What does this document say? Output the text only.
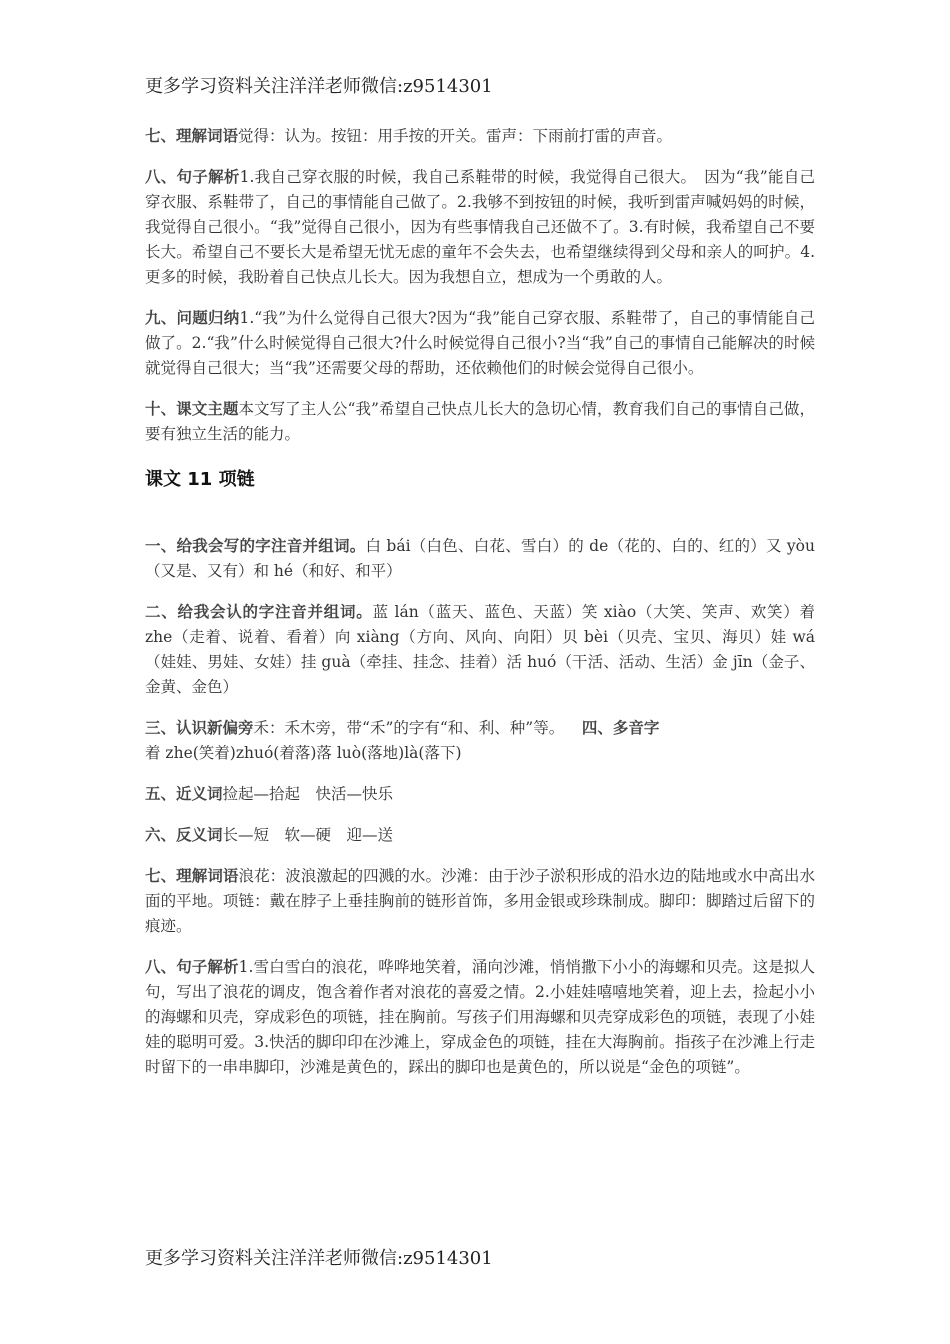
更多学习资料关注洋洋老师微信:z9514301

七、理解词语觉得：认为。按钮：用手按的开关。雷声：下雨前打雷的声音。

八、句子解析1.我自己穿衣服的时候，我自己系鞋带的时候，我觉得自己很大。　因为“我”能自己穿衣服、系鞋带了，自己的事情能自己做了。2.我够不到按钮的时候，我听到雷声喊妈妈的时候，我觉得自己很小。“我”觉得自己很小，因为有些事情我自己还做不了。3.有时候，我希望自己不要长大。希望自己不要长大是希望无忧无虑的童年不会失去，也希望继续得到父母和亲人的呵护。4.更多的时候，我盼着自己快点儿长大。因为我想自立，想成为一个勇敢的人。

九、问题归纳1.“我”为什么觉得自己很大?因为“我”能自己穿衣服、系鞋带了，自己的事情能自己做了。2.“我”什么时候觉得自己很大?什么时候觉得自己很小?当“我”自己的事情自己能解决的时候就觉得自己很大；当“我”还需要父母的帮助，还依赖他们的时候会觉得自己很小。

十、课文主题本文写了主人公“我”希望自己快点儿长大的急切心情，教育我们自己的事情自己做，要有独立生活的能力。

课文 11 项链

一、给我会写的字注音并组词。白 bái（白色、白花、雪白）的 de（花的、白的、红的）又 yòu（又是、又有）和 hé（和好、和平）

二、给我会认的字注音并组词。蓝 lán（蓝天、蓝色、天蓝）笑 xiào（大笑、笑声、欢笑）着 zhe（走着、说着、看着）向 xiàng（方向、风向、向阳）贝 bèi（贝壳、宝贝、海贝）娃 wá（娃娃、男娃、女娃）挂 guà（牵挂、挂念、挂着）活 huó（干活、活动、生活）金 jīn（金子、金黄、金色）

三、认识新偏旁禾：禾木旁，带“禾”的字有“和、利、种”等。　  四、多音字
着 zhe(笑着)zhuó(着落)落 luò(落地)là(落下)

五、近义词捡起—拾起　快活—快乐

六、反义词长—短　软—硬　迎—送

七、理解词语浪花：波浪激起的四溅的水。沙滩：由于沙子淤积形成的沿水边的陆地或水中高出水面的平地。项链：戴在脖子上垂挂胸前的链形首饰，多用金银或珍珠制成。脚印：脚踏过后留下的痕迹。

八、句子解析1.雪白雪白的浪花，哗哗地笑着，涌向沙滩，悄悄撒下小小的海螺和贝壳。这是拟人句，写出了浪花的调皮，饱含着作者对浪花的喜爱之情。2.小娃娃嘻嘻地笑着，迎上去，捡起小小的海螺和贝壳，穿成彩色的项链，挂在胸前。写孩子们用海螺和贝壳穿成彩色的项链，表现了小娃娃的聪明可爱。3.快活的脚印印在沙滩上，穿成金色的项链，挂在大海胸前。指孩子在沙滩上行走时留下的一串串脚印，沙滩是黄色的，踩出的脚印也是黄色的，所以说是“金色的项链”。

更多学习资料关注洋洋老师微信:z9514301
